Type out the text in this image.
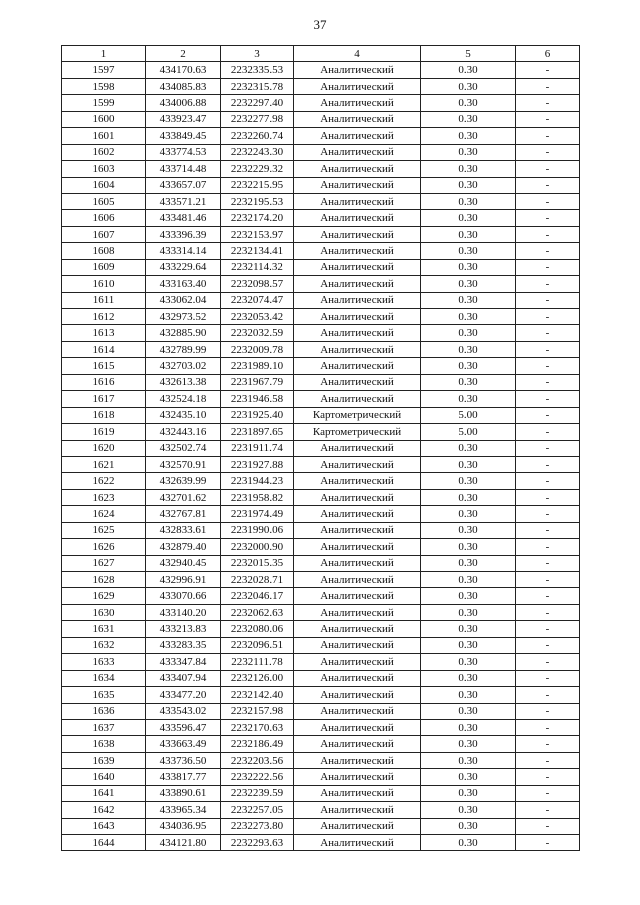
37
1	2	3	4	5	6
1597	434170.63	2232335.53	Аналитический	0.30	-
1598	434085.83	2232315.78	Аналитический	0.30	-
1599	434006.88	2232297.40	Аналитический	0.30	-
1600	433923.47	2232277.98	Аналитический	0.30	-
1601	433849.45	2232260.74	Аналитический	0.30	-
1602	433774.53	2232243.30	Аналитический	0.30	-
1603	433714.48	2232229.32	Аналитический	0.30	-
1604	433657.07	2232215.95	Аналитический	0.30	-
1605	433571.21	2232195.53	Аналитический	0.30	-
1606	433481.46	2232174.20	Аналитический	0.30	-
1607	433396.39	2232153.97	Аналитический	0.30	-
1608	433314.14	2232134.41	Аналитический	0.30	-
1609	433229.64	2232114.32	Аналитический	0.30	-
1610	433163.40	2232098.57	Аналитический	0.30	-
1611	433062.04	2232074.47	Аналитический	0.30	-
1612	432973.52	2232053.42	Аналитический	0.30	-
1613	432885.90	2232032.59	Аналитический	0.30	-
1614	432789.99	2232009.78	Аналитический	0.30	-
1615	432703.02	2231989.10	Аналитический	0.30	-
1616	432613.38	2231967.79	Аналитический	0.30	-
1617	432524.18	2231946.58	Аналитический	0.30	-
1618	432435.10	2231925.40	Картометрический	5.00	-
1619	432443.16	2231897.65	Картометрический	5.00	-
1620	432502.74	2231911.74	Аналитический	0.30	-
1621	432570.91	2231927.88	Аналитический	0.30	-
1622	432639.99	2231944.23	Аналитический	0.30	-
1623	432701.62	2231958.82	Аналитический	0.30	-
1624	432767.81	2231974.49	Аналитический	0.30	-
1625	432833.61	2231990.06	Аналитический	0.30	-
1626	432879.40	2232000.90	Аналитический	0.30	-
1627	432940.45	2232015.35	Аналитический	0.30	-
1628	432996.91	2232028.71	Аналитический	0.30	-
1629	433070.66	2232046.17	Аналитический	0.30	-
1630	433140.20	2232062.63	Аналитический	0.30	-
1631	433213.83	2232080.06	Аналитический	0.30	-
1632	433283.35	2232096.51	Аналитический	0.30	-
1633	433347.84	2232111.78	Аналитический	0.30	-
1634	433407.94	2232126.00	Аналитический	0.30	-
1635	433477.20	2232142.40	Аналитический	0.30	-
1636	433543.02	2232157.98	Аналитический	0.30	-
1637	433596.47	2232170.63	Аналитический	0.30	-
1638	433663.49	2232186.49	Аналитический	0.30	-
1639	433736.50	2232203.56	Аналитический	0.30	-
1640	433817.77	2232222.56	Аналитический	0.30	-
1641	433890.61	2232239.59	Аналитический	0.30	-
1642	433965.34	2232257.05	Аналитический	0.30	-
1643	434036.95	2232273.80	Аналитический	0.30	-
1644	434121.80	2232293.63	Аналитический	0.30	-
